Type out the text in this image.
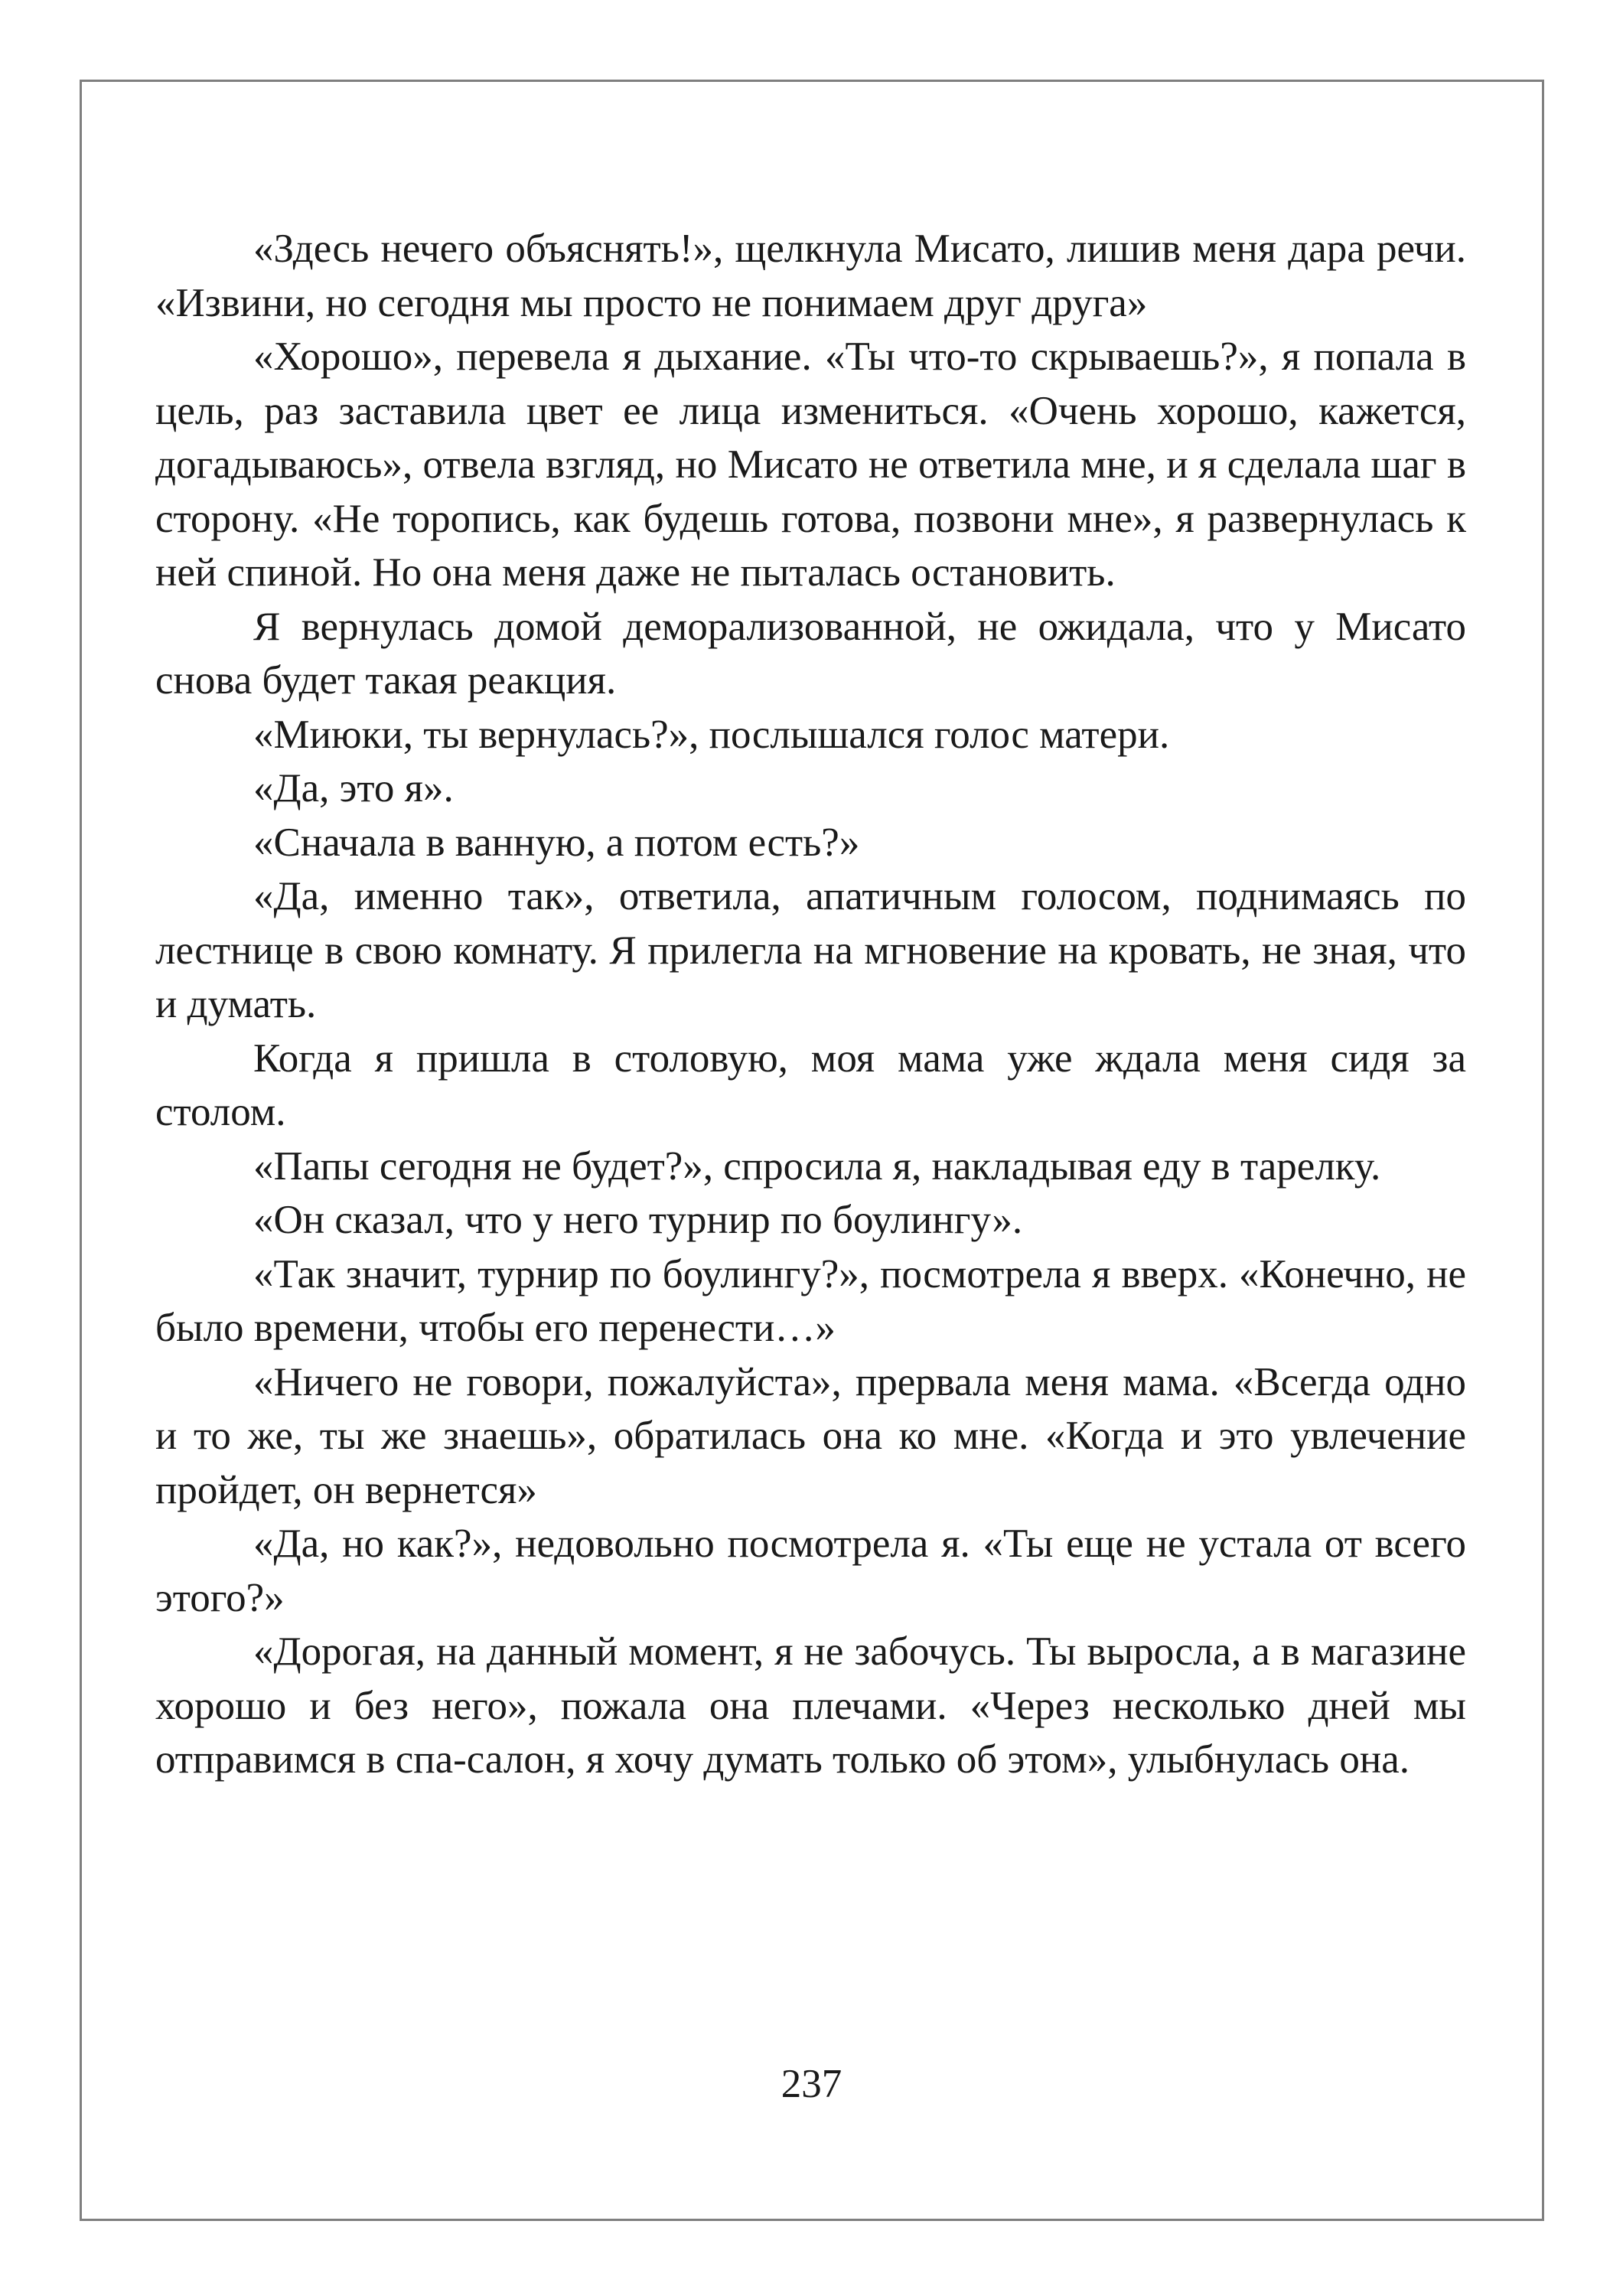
«Здесь нечего объяснять!», щелкнула Мисато, лишив меня дара речи. «Извини, но сегодня мы просто не понимаем друг друга»

«Хорошо», перевела я дыхание. «Ты что-то скрываешь?», я попала в цель, раз заставила цвет ее лица измениться. «Очень хорошо, кажется, догадываюсь», отвела взгляд, но Мисато не ответила мне, и я сделала шаг в сторону. «Не торопись, как будешь готова, позвони мне», я развернулась к ней спиной. Но она меня даже не пыталась остановить.

Я вернулась домой деморализованной, не ожидала, что у Мисато снова будет такая реакция.

«Миюки, ты вернулась?», послышался голос матери.

«Да, это я».

«Сначала в ванную, а потом есть?»

«Да, именно так», ответила, апатичным голосом, поднимаясь по лестнице в свою комнату. Я прилегла на мгновение на кровать, не зная, что и думать.

Когда я пришла в столовую, моя мама уже ждала меня сидя за столом.

«Папы сегодня не будет?», спросила я, накладывая еду в тарелку.

«Он сказал, что у него турнир по боулингу».

«Так значит, турнир по боулингу?», посмотрела я вверх. «Конечно, не было времени, чтобы его перенести…»

«Ничего не говори, пожалуйста», прервала меня мама. «Всегда одно и то же, ты же знаешь», обратилась она ко мне. «Когда и это увлечение пройдет, он вернется»

«Да, но как?», недовольно посмотрела я. «Ты еще не устала от всего этого?»

«Дорогая, на данный момент, я не забочусь. Ты выросла, а в магазине хорошо и без него», пожала она плечами. «Через несколько дней мы отправимся в спа-салон, я хочу думать только об этом», улыбнулась она.

237
